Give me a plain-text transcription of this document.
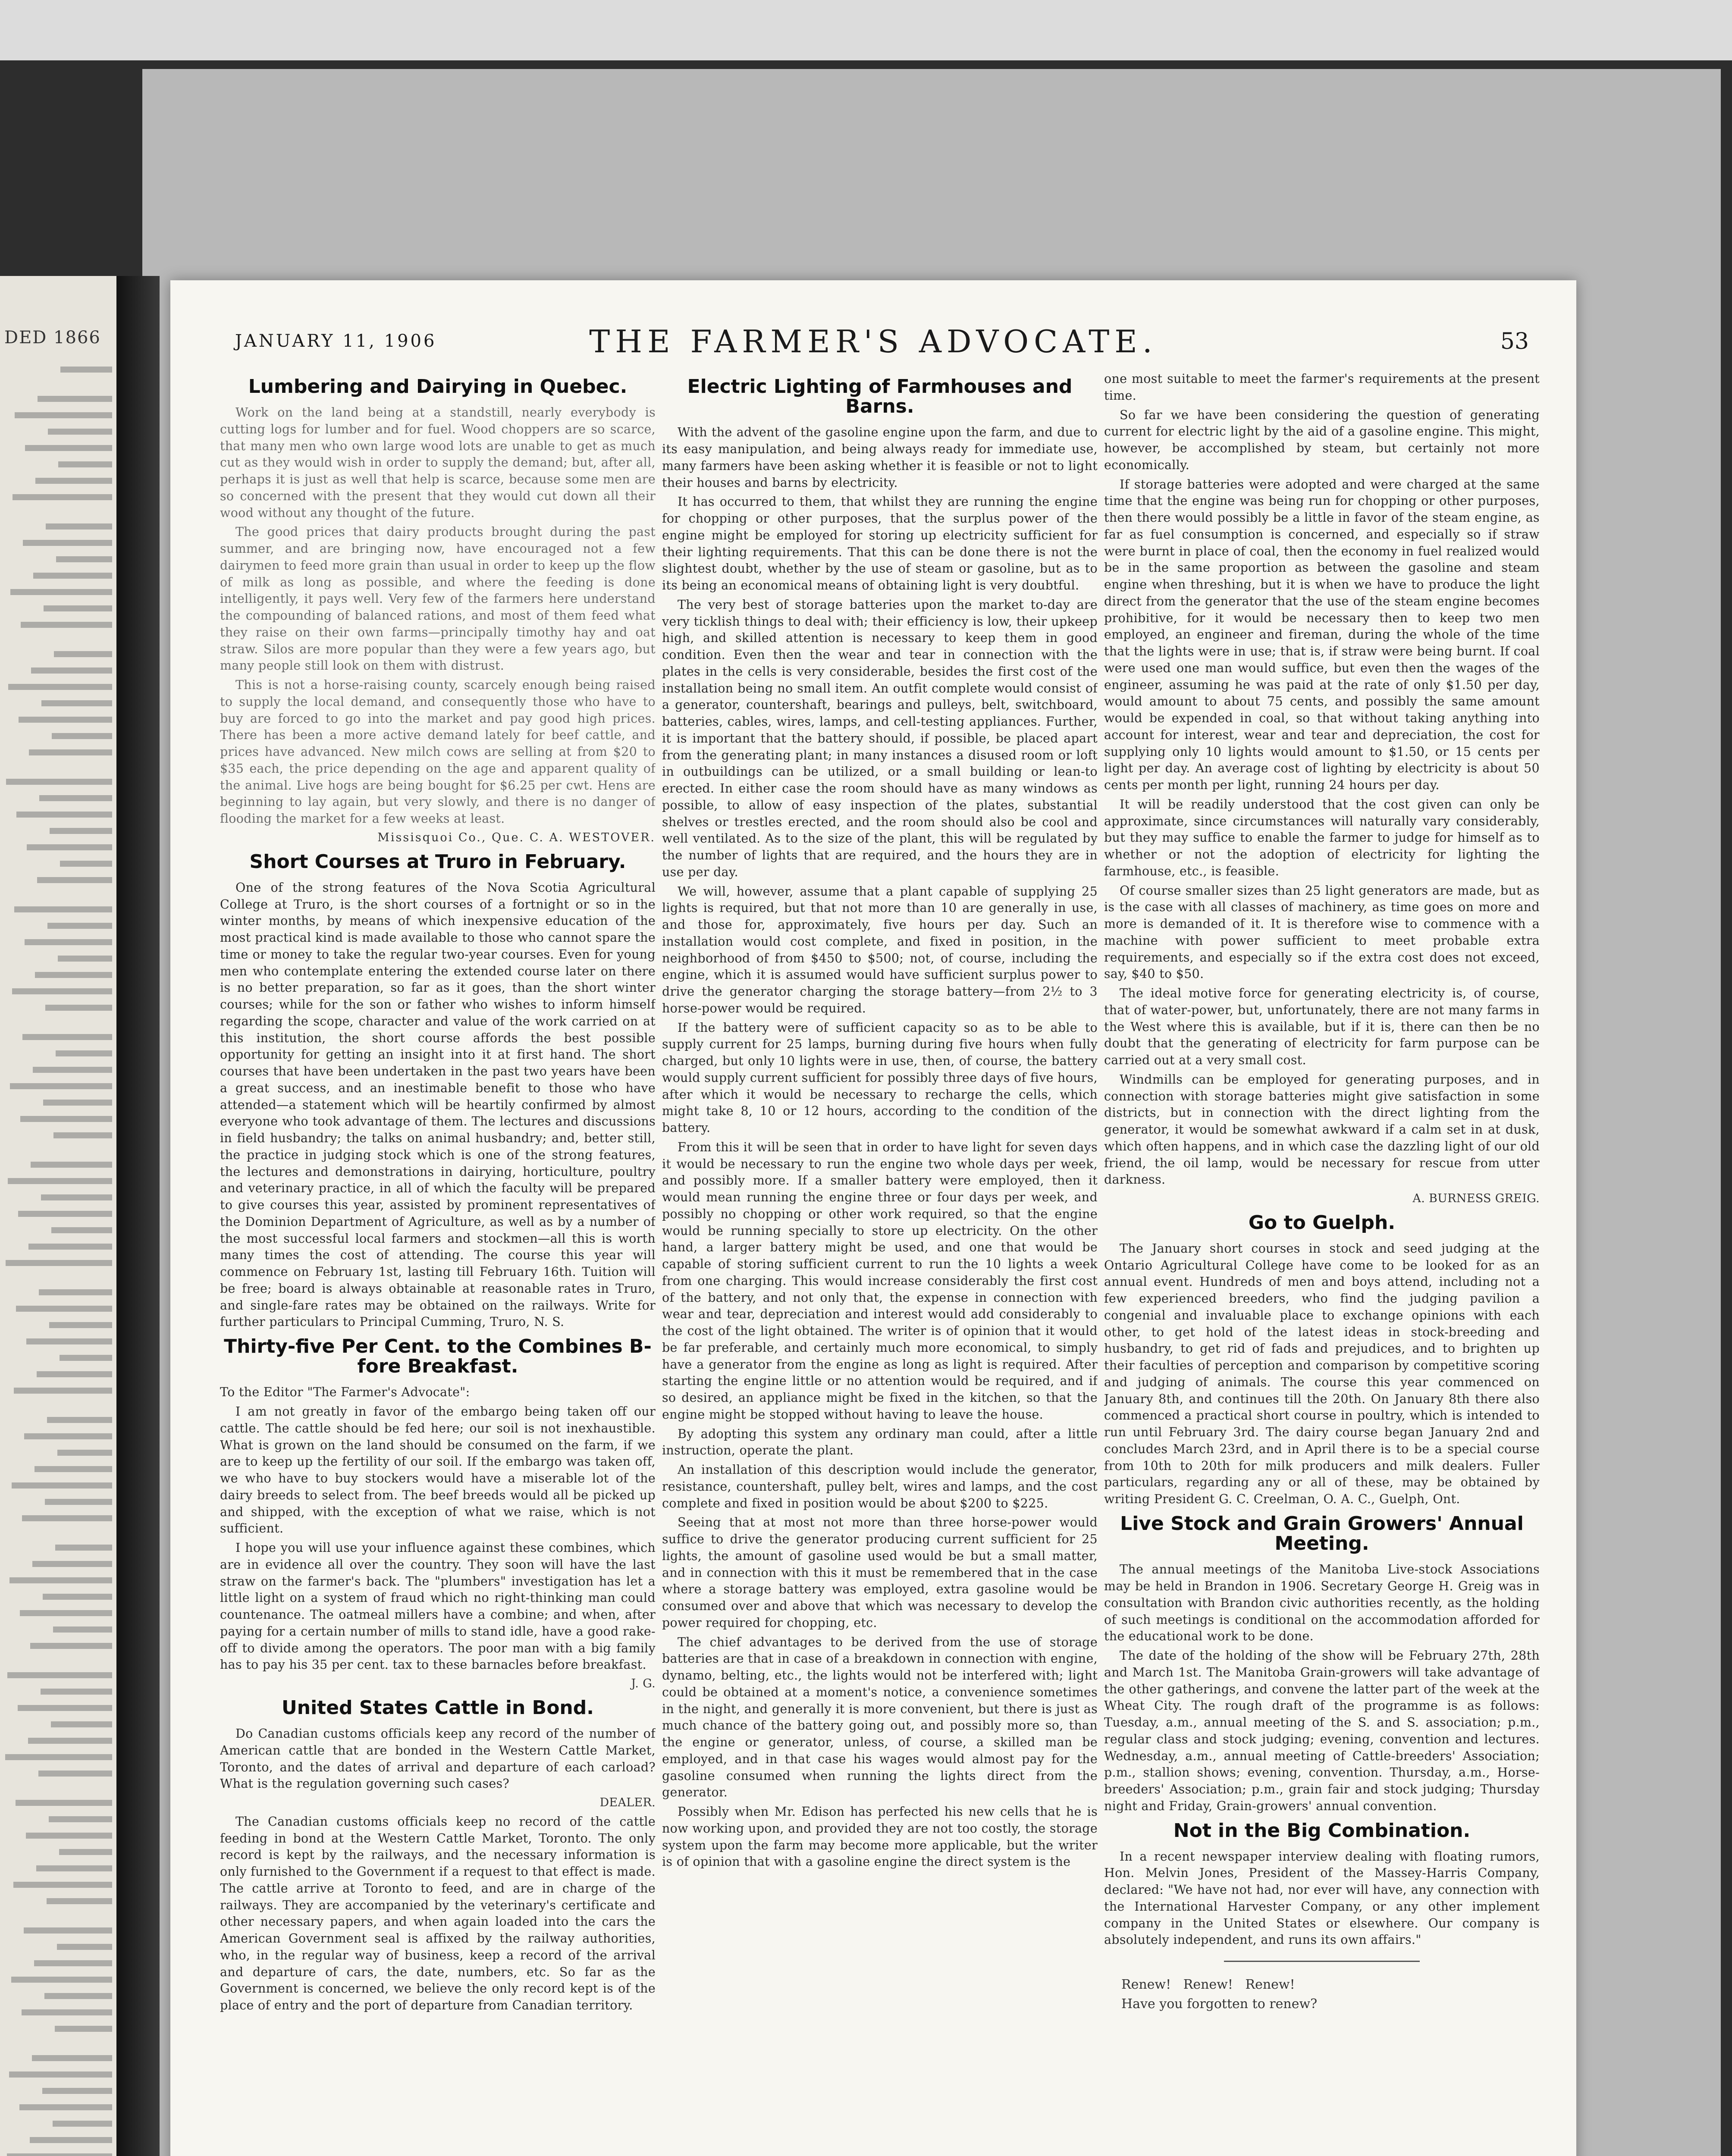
DED 1866	JANUARY 11, 1906	THE FARMER'S ADVOCATE.	53
Lumbering and Dairying in Quebec.

Work on the land being at a standstill, nearly everybody is cutting logs for lumber and for fuel. Wood choppers are so scarce, that many men who own large wood lots are unable to get as much cut as they would wish in order to supply the demand; but, after all, perhaps it is just as well that help is scarce, because some men are so concerned with the present that they would cut down all their wood without any thought of the future.

The good prices that dairy products brought during the past summer, and are bringing now, have encouraged not a few dairymen to feed more grain than usual in order to keep up the flow of milk as long as possible, and where the feeding is done intelligently, it pays well. Very few of the farmers here understand the compounding of balanced rations, and most of them feed what they raise on their own farms—principally timothy hay and oat straw. Silos are more popular than they were a few years ago, but many people still look on them with distrust.

This is not a horse-raising county, scarcely enough being raised to supply the local demand, and consequently those who have to buy are forced to go into the market and pay good high prices. There has been a more active demand lately for beef cattle, and prices have advanced. New milch cows are selling at from $20 to $35 each, the price depending on the age and apparent quality of the animal. Live hogs are being bought for $6.25 per cwt. Hens are beginning to lay again, but very slowly, and there is no danger of flooding the market for a few weeks at least.

Missisquoi Co., Que. C. A. WESTOVER.

Short Courses at Truro in February.

One of the strong features of the Nova Scotia Agricultural College at Truro, is the short courses of a fortnight or so in the winter months, by means of which inexpensive education of the most practical kind is made available to those who cannot spare the time or money to take the regular two-year courses. Even for young men who contemplate entering the extended course later on there is no better preparation, so far as it goes, than the short winter courses; while for the son or father who wishes to inform himself regarding the scope, character and value of the work carried on at this institution, the short course affords the best possible opportunity for getting an insight into it at first hand. The short courses that have been undertaken in the past two years have been a great success, and an inestimable benefit to those who have attended—a statement which will be heartily confirmed by almost everyone who took advantage of them. The lectures and discussions in field husbandry; the talks on animal husbandry; and, better still, the practice in judging stock which is one of the strong features, the lectures and demonstrations in dairying, horticulture, poultry and veterinary practice, in all of which the faculty will be prepared to give courses this year, assisted by prominent representatives of the Dominion Department of Agriculture, as well as by a number of the most successful local farmers and stockmen—all this is worth many times the cost of attending. The course this year will commence on February 1st, lasting till February 16th. Tuition will be free; board is always obtainable at reasonable rates in Truro, and single-fare rates may be obtained on the railways. Write for further particulars to Principal Cumming, Truro, N. S.

Thirty-five Per Cent. to the Combines B-fore Breakfast.

To the Editor "The Farmer's Advocate":

I am not greatly in favor of the embargo being taken off our cattle. The cattle should be fed here; our soil is not inexhaustible. What is grown on the land should be consumed on the farm, if we are to keep up the fertility of our soil. If the embargo was taken off, we who have to buy stockers would have a miserable lot of the dairy breeds to select from. The beef breeds would all be picked up and shipped, with the exception of what we raise, which is not sufficient.

I hope you will use your influence against these combines, which are in evidence all over the country. They soon will have the last straw on the farmer's back. The "plumbers" investigation has let a little light on a system of fraud which no right-thinking man could countenance. The oatmeal millers have a combine; and when, after paying for a certain number of mills to stand idle, have a good rake-off to divide among the operators. The poor man with a big family has to pay his 35 per cent. tax to these barnacles before breakfast.

J. G.

United States Cattle in Bond.

Do Canadian customs officials keep any record of the number of American cattle that are bonded in the Western Cattle Market, Toronto, and the dates of arrival and departure of each carload? What is the regulation governing such cases?

DEALER.

The Canadian customs officials keep no record of the cattle feeding in bond at the Western Cattle Market, Toronto. The only record is kept by the railways, and the necessary information is only furnished to the Government if a request to that effect is made. The cattle arrive at Toronto to feed, and are in charge of the railways. They are accompanied by the veterinary's certificate and other necessary papers, and when again loaded into the cars the American Government seal is affixed by the railway authorities, who, in the regular way of business, keep a record of the arrival and departure of cars, the date, numbers, etc. So far as the Government is concerned, we believe the only record kept is of the place of entry and the port of departure from Canadian territory.

Electric Lighting of Farmhouses and Barns.

With the advent of the gasoline engine upon the farm, and due to its easy manipulation, and being always ready for immediate use, many farmers have been asking whether it is feasible or not to light their houses and barns by electricity.

It has occurred to them, that whilst they are running the engine for chopping or other purposes, that the surplus power of the engine might be employed for storing up electricity sufficient for their lighting requirements. That this can be done there is not the slightest doubt, whether by the use of steam or gasoline, but as to its being an economical means of obtaining light is very doubtful.

The very best of storage batteries upon the market to-day are very ticklish things to deal with; their efficiency is low, their upkeep high, and skilled attention is necessary to keep them in good condition. Even then the wear and tear in connection with the plates in the cells is very considerable, besides the first cost of the installation being no small item. An outfit complete would consist of a generator, countershaft, bearings and pulleys, belt, switchboard, batteries, cables, wires, lamps, and cell-testing appliances. Further, it is important that the battery should, if possible, be placed apart from the generating plant; in many instances a disused room or loft in outbuildings can be utilized, or a small building or lean-to erected. In either case the room should have as many windows as possible, to allow of easy inspection of the plates, substantial shelves or trestles erected, and the room should also be cool and well ventilated. As to the size of the plant, this will be regulated by the number of lights that are required, and the hours they are in use per day.

We will, however, assume that a plant capable of supplying 25 lights is required, but that not more than 10 are generally in use, and those for, approximately, five hours per day. Such an installation would cost complete, and fixed in position, in the neighborhood of from $450 to $500; not, of course, including the engine, which it is assumed would have sufficient surplus power to drive the generator charging the storage battery—from 2½ to 3 horse-power would be required.

If the battery were of sufficient capacity so as to be able to supply current for 25 lamps, burning during five hours when fully charged, but only 10 lights were in use, then, of course, the battery would supply current sufficient for possibly three days of five hours, after which it would be necessary to recharge the cells, which might take 8, 10 or 12 hours, according to the condition of the battery.

From this it will be seen that in order to have light for seven days it would be necessary to run the engine two whole days per week, and possibly more. If a smaller battery were employed, then it would mean running the engine three or four days per week, and possibly no chopping or other work required, so that the engine would be running specially to store up electricity. On the other hand, a larger battery might be used, and one that would be capable of storing sufficient current to run the 10 lights a week from one charging. This would increase considerably the first cost of the battery, and not only that, the expense in connection with wear and tear, depreciation and interest would add considerably to the cost of the light obtained. The writer is of opinion that it would be far preferable, and certainly much more economical, to simply have a generator from the engine as long as light is required. After starting the engine little or no attention would be required, and if so desired, an appliance might be fixed in the kitchen, so that the engine might be stopped without having to leave the house.

By adopting this system any ordinary man could, after a little instruction, operate the plant.

An installation of this description would include the generator, resistance, countershaft, pulley belt, wires and lamps, and the cost complete and fixed in position would be about $200 to $225.

Seeing that at most not more than three horse-power would suffice to drive the generator producing current sufficient for 25 lights, the amount of gasoline used would be but a small matter, and in connection with this it must be remembered that in the case where a storage battery was employed, extra gasoline would be consumed over and above that which was necessary to develop the power required for chopping, etc.

The chief advantages to be derived from the use of storage batteries are that in case of a breakdown in connection with engine, dynamo, belting, etc., the lights would not be interfered with; light could be obtained at a moment's notice, a convenience sometimes in the night, and generally it is more convenient, but there is just as much chance of the battery going out, and possibly more so, than the engine or generator, unless, of course, a skilled man be employed, and in that case his wages would almost pay for the gasoline consumed when running the lights direct from the generator.

Possibly when Mr. Edison has perfected his new cells that he is now working upon, and provided they are not too costly, the storage system upon the farm may become more applicable, but the writer is of opinion that with a gasoline engine the direct system is the

one most suitable to meet the farmer's requirements at the present time.

So far we have been considering the question of generating current for electric light by the aid of a gasoline engine. This might, however, be accomplished by steam, but certainly not more economically.

If storage batteries were adopted and were charged at the same time that the engine was being run for chopping or other purposes, then there would possibly be a little in favor of the steam engine, as far as fuel consumption is concerned, and especially so if straw were burnt in place of coal, then the economy in fuel realized would be in the same proportion as between the gasoline and steam engine when threshing, but it is when we have to produce the light direct from the generator that the use of the steam engine becomes prohibitive, for it would be necessary then to keep two men employed, an engineer and fireman, during the whole of the time that the lights were in use; that is, if straw were being burnt. If coal were used one man would suffice, but even then the wages of the engineer, assuming he was paid at the rate of only $1.50 per day, would amount to about 75 cents, and possibly the same amount would be expended in coal, so that without taking anything into account for interest, wear and tear and depreciation, the cost for supplying only 10 lights would amount to $1.50, or 15 cents per light per day. An average cost of lighting by electricity is about 50 cents per month per light, running 24 hours per day.

It will be readily understood that the cost given can only be approximate, since circumstances will naturally vary considerably, but they may suffice to enable the farmer to judge for himself as to whether or not the adoption of electricity for lighting the farmhouse, etc., is feasible.

Of course smaller sizes than 25 light generators are made, but as is the case with all classes of machinery, as time goes on more and more is demanded of it. It is therefore wise to commence with a machine with power sufficient to meet probable extra requirements, and especially so if the extra cost does not exceed, say, $40 to $50.

The ideal motive force for generating electricity is, of course, that of water-power, but, unfortunately, there are not many farms in the West where this is available, but if it is, there can then be no doubt that the generating of electricity for farm purpose can be carried out at a very small cost.

Windmills can be employed for generating purposes, and in connection with storage batteries might give satisfaction in some districts, but in connection with the direct lighting from the generator, it would be somewhat awkward if a calm set in at dusk, which often happens, and in which case the dazzling light of our old friend, the oil lamp, would be necessary for rescue from utter darkness.

A. BURNESS GREIG.

Go to Guelph.

The January short courses in stock and seed judging at the Ontario Agricultural College have come to be looked for as an annual event. Hundreds of men and boys attend, including not a few experienced breeders, who find the judging pavilion a congenial and invaluable place to exchange opinions with each other, to get hold of the latest ideas in stock-breeding and husbandry, to get rid of fads and prejudices, and to brighten up their faculties of perception and comparison by competitive scoring and judging of animals. The course this year commenced on January 8th, and continues till the 20th. On January 8th there also commenced a practical short course in poultry, which is intended to run until February 3rd. The dairy course began January 2nd and concludes March 23rd, and in April there is to be a special course from 10th to 20th for milk producers and milk dealers. Fuller particulars, regarding any or all of these, may be obtained by writing President G. C. Creelman, O. A. C., Guelph, Ont.

Live Stock and Grain Growers' Annual Meeting.

The annual meetings of the Manitoba Live-stock Associations may be held in Brandon in 1906. Secretary George H. Greig was in consultation with Brandon civic authorities recently, as the holding of such meetings is conditional on the accommodation afforded for the educational work to be done.

The date of the holding of the show will be February 27th, 28th and March 1st. The Manitoba Grain-growers will take advantage of the other gatherings, and convene the latter part of the week at the Wheat City. The rough draft of the programme is as follows: Tuesday, a.m., annual meeting of the S. and S. association; p.m., regular class and stock judging; evening, convention and lectures. Wednesday, a.m., annual meeting of Cattle-breeders' Association; p.m., stallion shows; evening, convention. Thursday, a.m., Horse-breeders' Association; p.m., grain fair and stock judging; Thursday night and Friday, Grain-growers' annual convention.

Not in the Big Combination.

In a recent newspaper interview dealing with floating rumors, Hon. Melvin Jones, President of the Massey-Harris Company, declared: "We have not had, nor ever will have, any connection with the International Harvester Company, or any other implement company in the United States or elsewhere. Our company is absolutely independent, and runs its own affairs."

Renew!   Renew!   Renew!
Have you forgotten to renew?
